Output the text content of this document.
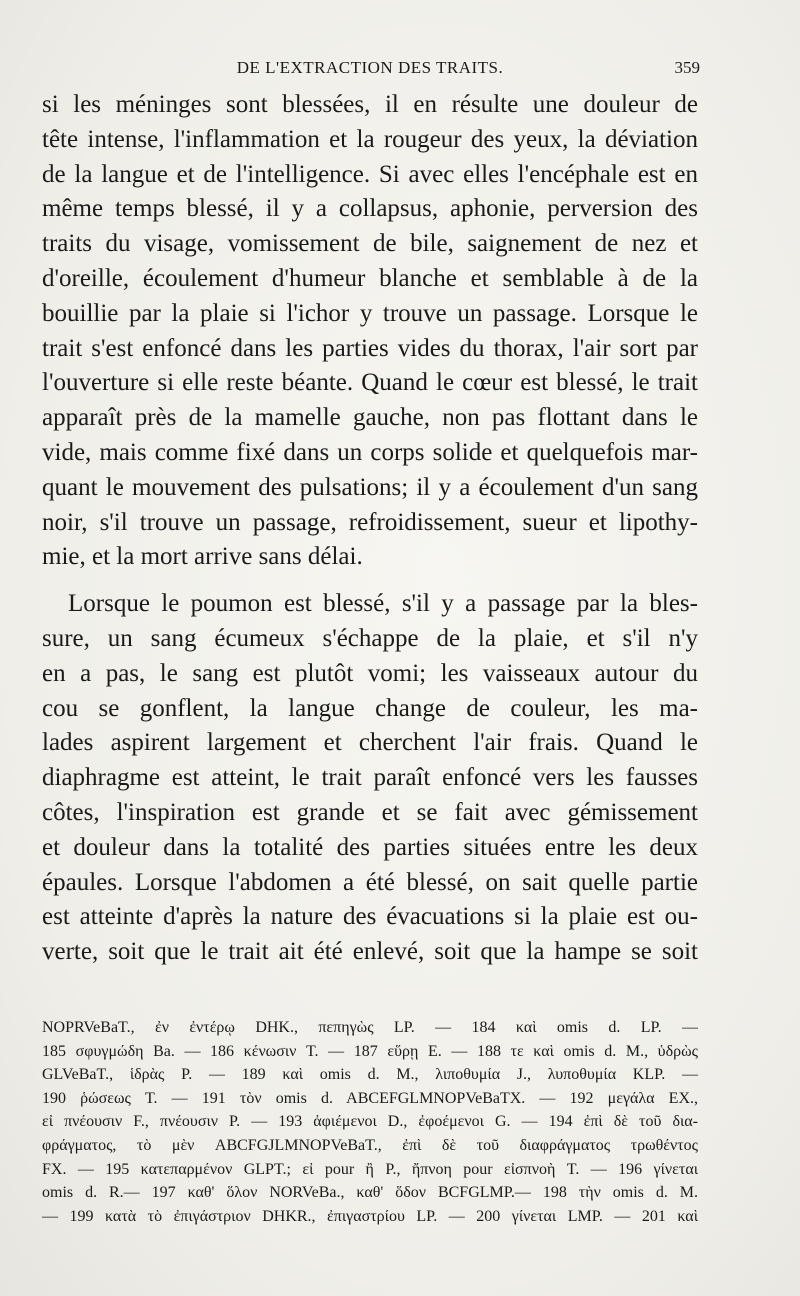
DE L'EXTRACTION DES TRAITS.	359
si les méninges sont blessées, il en résulte une douleur de
tête intense, l'inflammation et la rougeur des yeux, la déviation
de la langue et de l'intelligence. Si avec elles l'encéphale est en
même temps blessé, il y a collapsus, aphonie, perversion des
traits du visage, vomissement de bile, saignement de nez et
d'oreille, écoulement d'humeur blanche et semblable à de la
bouillie par la plaie si l'ichor y trouve un passage. Lorsque le
trait s'est enfoncé dans les parties vides du thorax, l'air sort par
l'ouverture si elle reste béante. Quand le cœur est blessé, le trait
apparaît près de la mamelle gauche, non pas flottant dans le
vide, mais comme fixé dans un corps solide et quelquefois mar-
quant le mouvement des pulsations; il y a écoulement d'un sang
noir, s'il trouve un passage, refroidissement, sueur et lipothy-
mie, et la mort arrive sans délai.
Lorsque le poumon est blessé, s'il y a passage par la bles-
sure, un sang écumeux s'échappe de la plaie, et s'il n'y
en a pas, le sang est plutôt vomi; les vaisseaux autour du
cou se gonflent, la langue change de couleur, les ma-
lades aspirent largement et cherchent l'air frais. Quand le
diaphragme est atteint, le trait paraît enfoncé vers les fausses
côtes, l'inspiration est grande et se fait avec gémissement
et douleur dans la totalité des parties situées entre les deux
épaules. Lorsque l'abdomen a été blessé, on sait quelle partie
est atteinte d'après la nature des évacuations si la plaie est ou-
verte, soit que le trait ait été enlevé, soit que la hampe se soit
NOPRVeBaT., ἐν ἐντέρῳ DHK., πεπηγὼς LP. — 184 καὶ omis d. LP. —
185 σφυγμώδη Ba. — 186 κένωσιν T. — 187 εὕρῃ E. — 188 τε καὶ omis d. M., ὑδρὼς
GLVeBaT., ἱδρὰς P. — 189 καὶ omis d. M., λιποθυμία J., λυποθυμία KLP. —
190 ῥώσεως T. — 191 τὸν omis d. ABCEFGLMNOPVeBaTX. — 192 μεγάλα EX.,
εἰ πνέουσιν F., πνέουσιν P. — 193 ἀφιέμενοι D., ἐφοέμενοι G. — 194 ἐπὶ δὲ τοῦ δια-
φράγματος, τὸ μὲν ABCFGJLMNOPVeBaT., ἐπὶ δὲ τοῦ διαφράγματος τρωθέντος
FX. — 195 κατεπαρμένον GLPT.; εἰ pour ἢ P., ἤπνοη pour εἰσπνοὴ T. — 196 γίνεται
omis d. R.— 197 καθ' ὅλον NORVeBa., καθ' ὅδον BCFGLMP.— 198 τὴν omis d. M.
— 199 κατὰ τὸ ἐπιγάστριον DHKR., ἐπιγαστρίου LP. — 200 γίνεται LMP. — 201 καὶ
